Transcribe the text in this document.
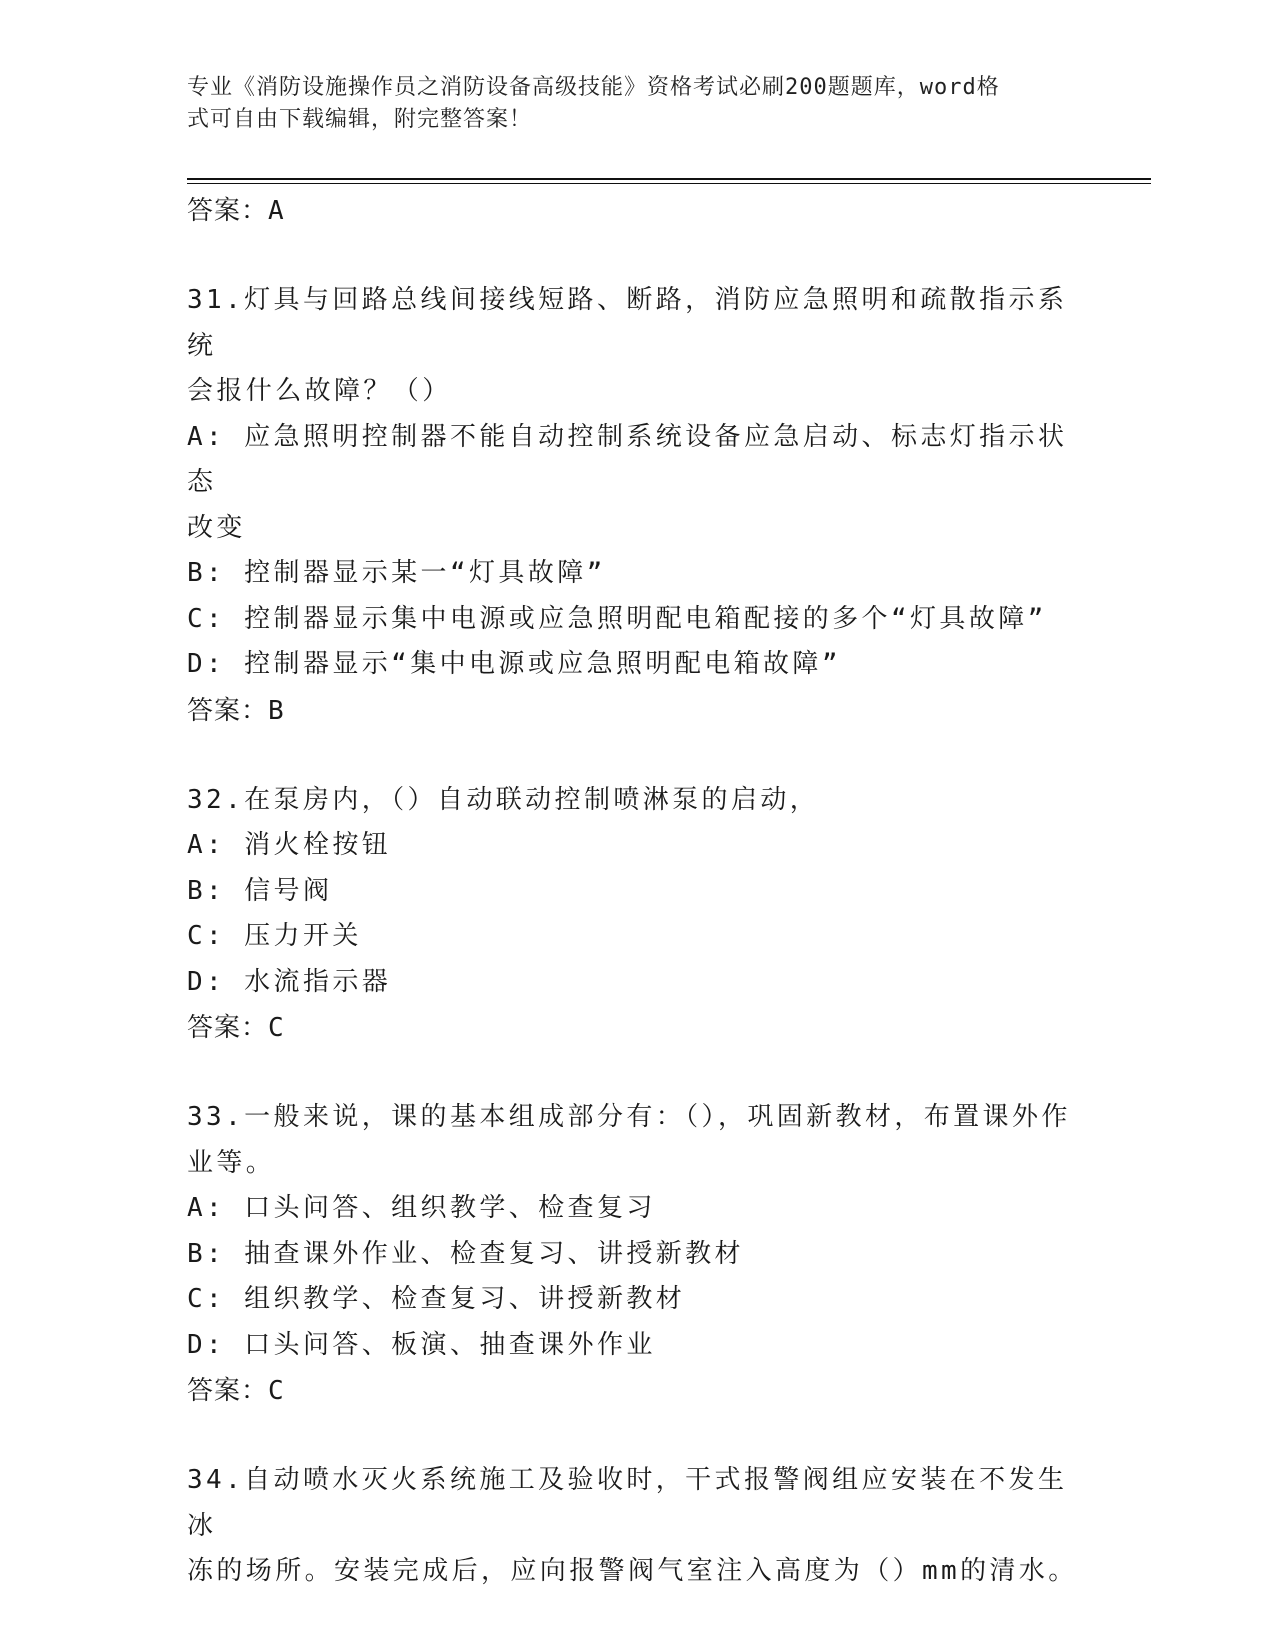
专业《消防设施操作员之消防设备高级技能》资格考试必刷200题题库，word格
式可自由下载编辑，附完整答案！

答案：A

31.灯具与回路总线间接线短路、断路，消防应急照明和疏散指示系统

会报什么故障？（）

A: 应急照明控制器不能自动控制系统设备应急启动、标志灯指示状态

改变

B: 控制器显示某一“灯具故障”

C: 控制器显示集中电源或应急照明配电箱配接的多个“灯具故障”

D: 控制器显示“集中电源或应急照明配电箱故障”

答案：B

32.在泵房内，（）自动联动控制喷淋泵的启动，

A: 消火栓按钮

B: 信号阀

C: 压力开关

D: 水流指示器

答案：C

33.一般来说，课的基本组成部分有：（），巩固新教材，布置课外作

业等。

A: 口头问答、组织教学、检查复习

B: 抽查课外作业、检查复习、讲授新教材

C: 组织教学、检查复习、讲授新教材

D: 口头问答、板演、抽查课外作业

答案：C

34.自动喷水灭火系统施工及验收时，干式报警阀组应安装在不发生冰

冻的场所。安装完成后，应向报警阀气室注入高度为（）mm的清水。
